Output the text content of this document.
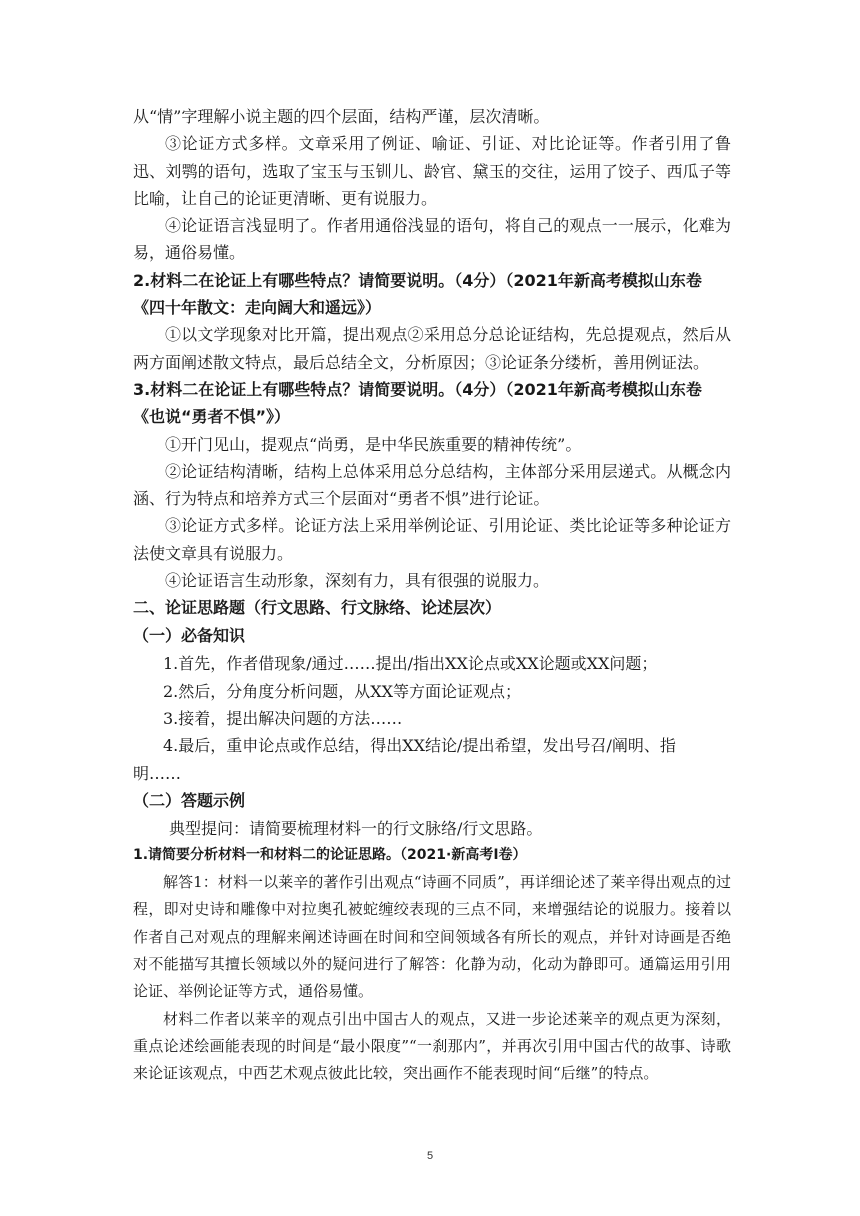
从“情”字理解小说主题的四个层面，结构严谨，层次清晰。

③论证方式多样。文章采用了例证、喻证、引证、对比论证等。作者引用了鲁迅、刘鹗的语句，选取了宝玉与玉钏儿、龄官、黛玉的交往，运用了饺子、西瓜子等比喻，让自己的论证更清晰、更有说服力。

④论证语言浅显明了。作者用通俗浅显的语句，将自己的观点一一展示，化难为易，通俗易懂。

2.材料二在论证上有哪些特点？请简要说明。（4分）（2021年新高考模拟山东卷《四十年散文：走向阔大和遥远》）

①以文学现象对比开篇，提出观点②采用总分总论证结构，先总提观点，然后从两方面阐述散文特点，最后总结全文，分析原因；③论证条分缕析，善用例证法。

3.材料二在论证上有哪些特点？请简要说明。（4分）（2021年新高考模拟山东卷《也说“勇者不惧”》）

①开门见山，提观点“尚勇，是中华民族重要的精神传统”。

②论证结构清晰，结构上总体采用总分总结构，主体部分采用层递式。从概念内涵、行为特点和培养方式三个层面对“勇者不惧”进行论证。

③论证方式多样。论证方法上采用举例论证、引用论证、类比论证等多种论证方法使文章具有说服力。

④论证语言生动形象，深刻有力，具有很强的说服力。

二、论证思路题（行文思路、行文脉络、论述层次）

（一）必备知识

1.首先，作者借现象/通过……提出/指出XX论点或XX论题或XX问题；

2.然后，分角度分析问题，从XX等方面论证观点；

3.接着，提出解决问题的方法……

4.最后，重申论点或作总结，得出XX结论/提出希望，发出号召/阐明、指

明……

（二）答题示例

典型提问：请简要梳理材料一的行文脉络/行文思路。

1.请简要分析材料一和材料二的论证思路。（2021·新高考Ⅰ卷）

解答1：材料一以莱辛的著作引出观点“诗画不同质”，再详细论述了莱辛得出观点的过程，即对史诗和雕像中对拉奥孔被蛇缠绞表现的三点不同，来增强结论的说服力。接着以作者自己对观点的理解来阐述诗画在时间和空间领域各有所长的观点，并针对诗画是否绝对不能描写其擅长领域以外的疑问进行了解答：化静为动，化动为静即可。通篇运用引用论证、举例论证等方式，通俗易懂。

材料二作者以莱辛的观点引出中国古人的观点，又进一步论述莱辛的观点更为深刻，重点论述绘画能表现的时间是“最小限度”“一刹那内”，并再次引用中国古代的故事、诗歌来论证该观点，中西艺术观点彼此比较，突出画作不能表现时间“后继”的特点。

5
